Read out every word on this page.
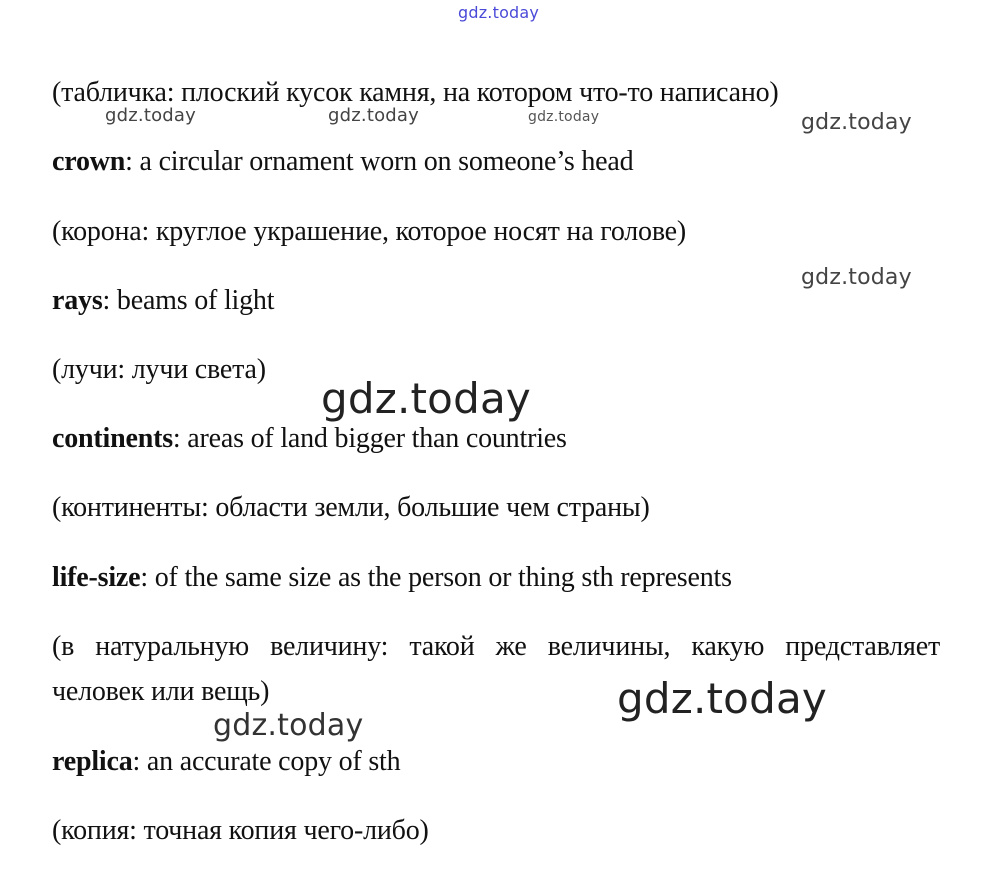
gdz.today
gdz.today	gdz.today	gdz.today	gdz.today
gdz.today
gdz.today
gdz.today
gdz.today
(табличка: плоский кусок камня, на котором что-то написано)
crown: a circular ornament worn on someone’s head
(корона: круглое украшение, которое носят на голове)
rays: beams of light
(лучи: лучи света)
continents: areas of land bigger than countries
(континенты: области земли, большие чем страны)
life-size: of the same size as the person or thing sth represents
(в натуральную величину: такой же величины, какую представляет
человек или вещь)
replica: an accurate copy of sth
(копия: точная копия чего-либо)
